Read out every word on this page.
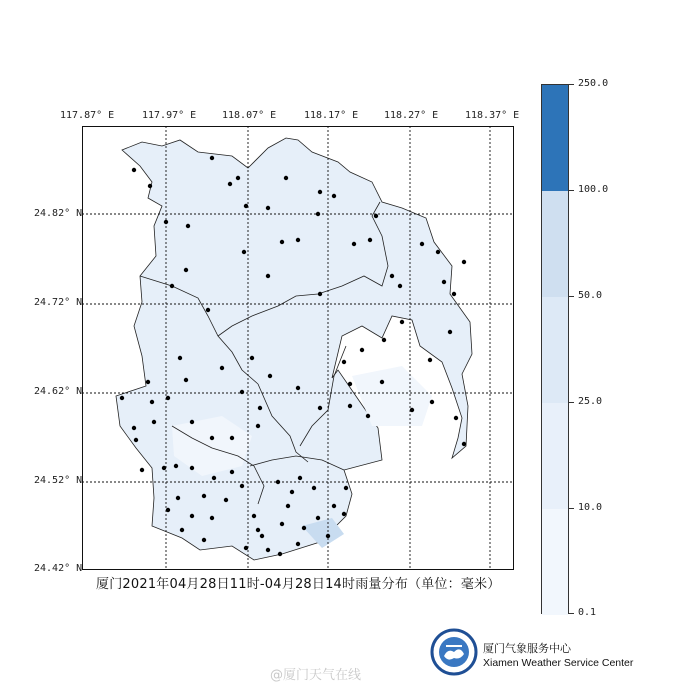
117.87° E	117.97° E	118.07° E	118.17° E	118.27° E	118.37° E
24.82° N
24.72° N
24.62° N
24.52° N
24.42° N
厦门2021年04月28日11时-04月28日14时雨量分布（单位：毫米）
250.0
100.0
50.0
25.0
10.0
0.1
厦门气象服务中心
Xiamen Weather Service Center
@厦门天气在线
